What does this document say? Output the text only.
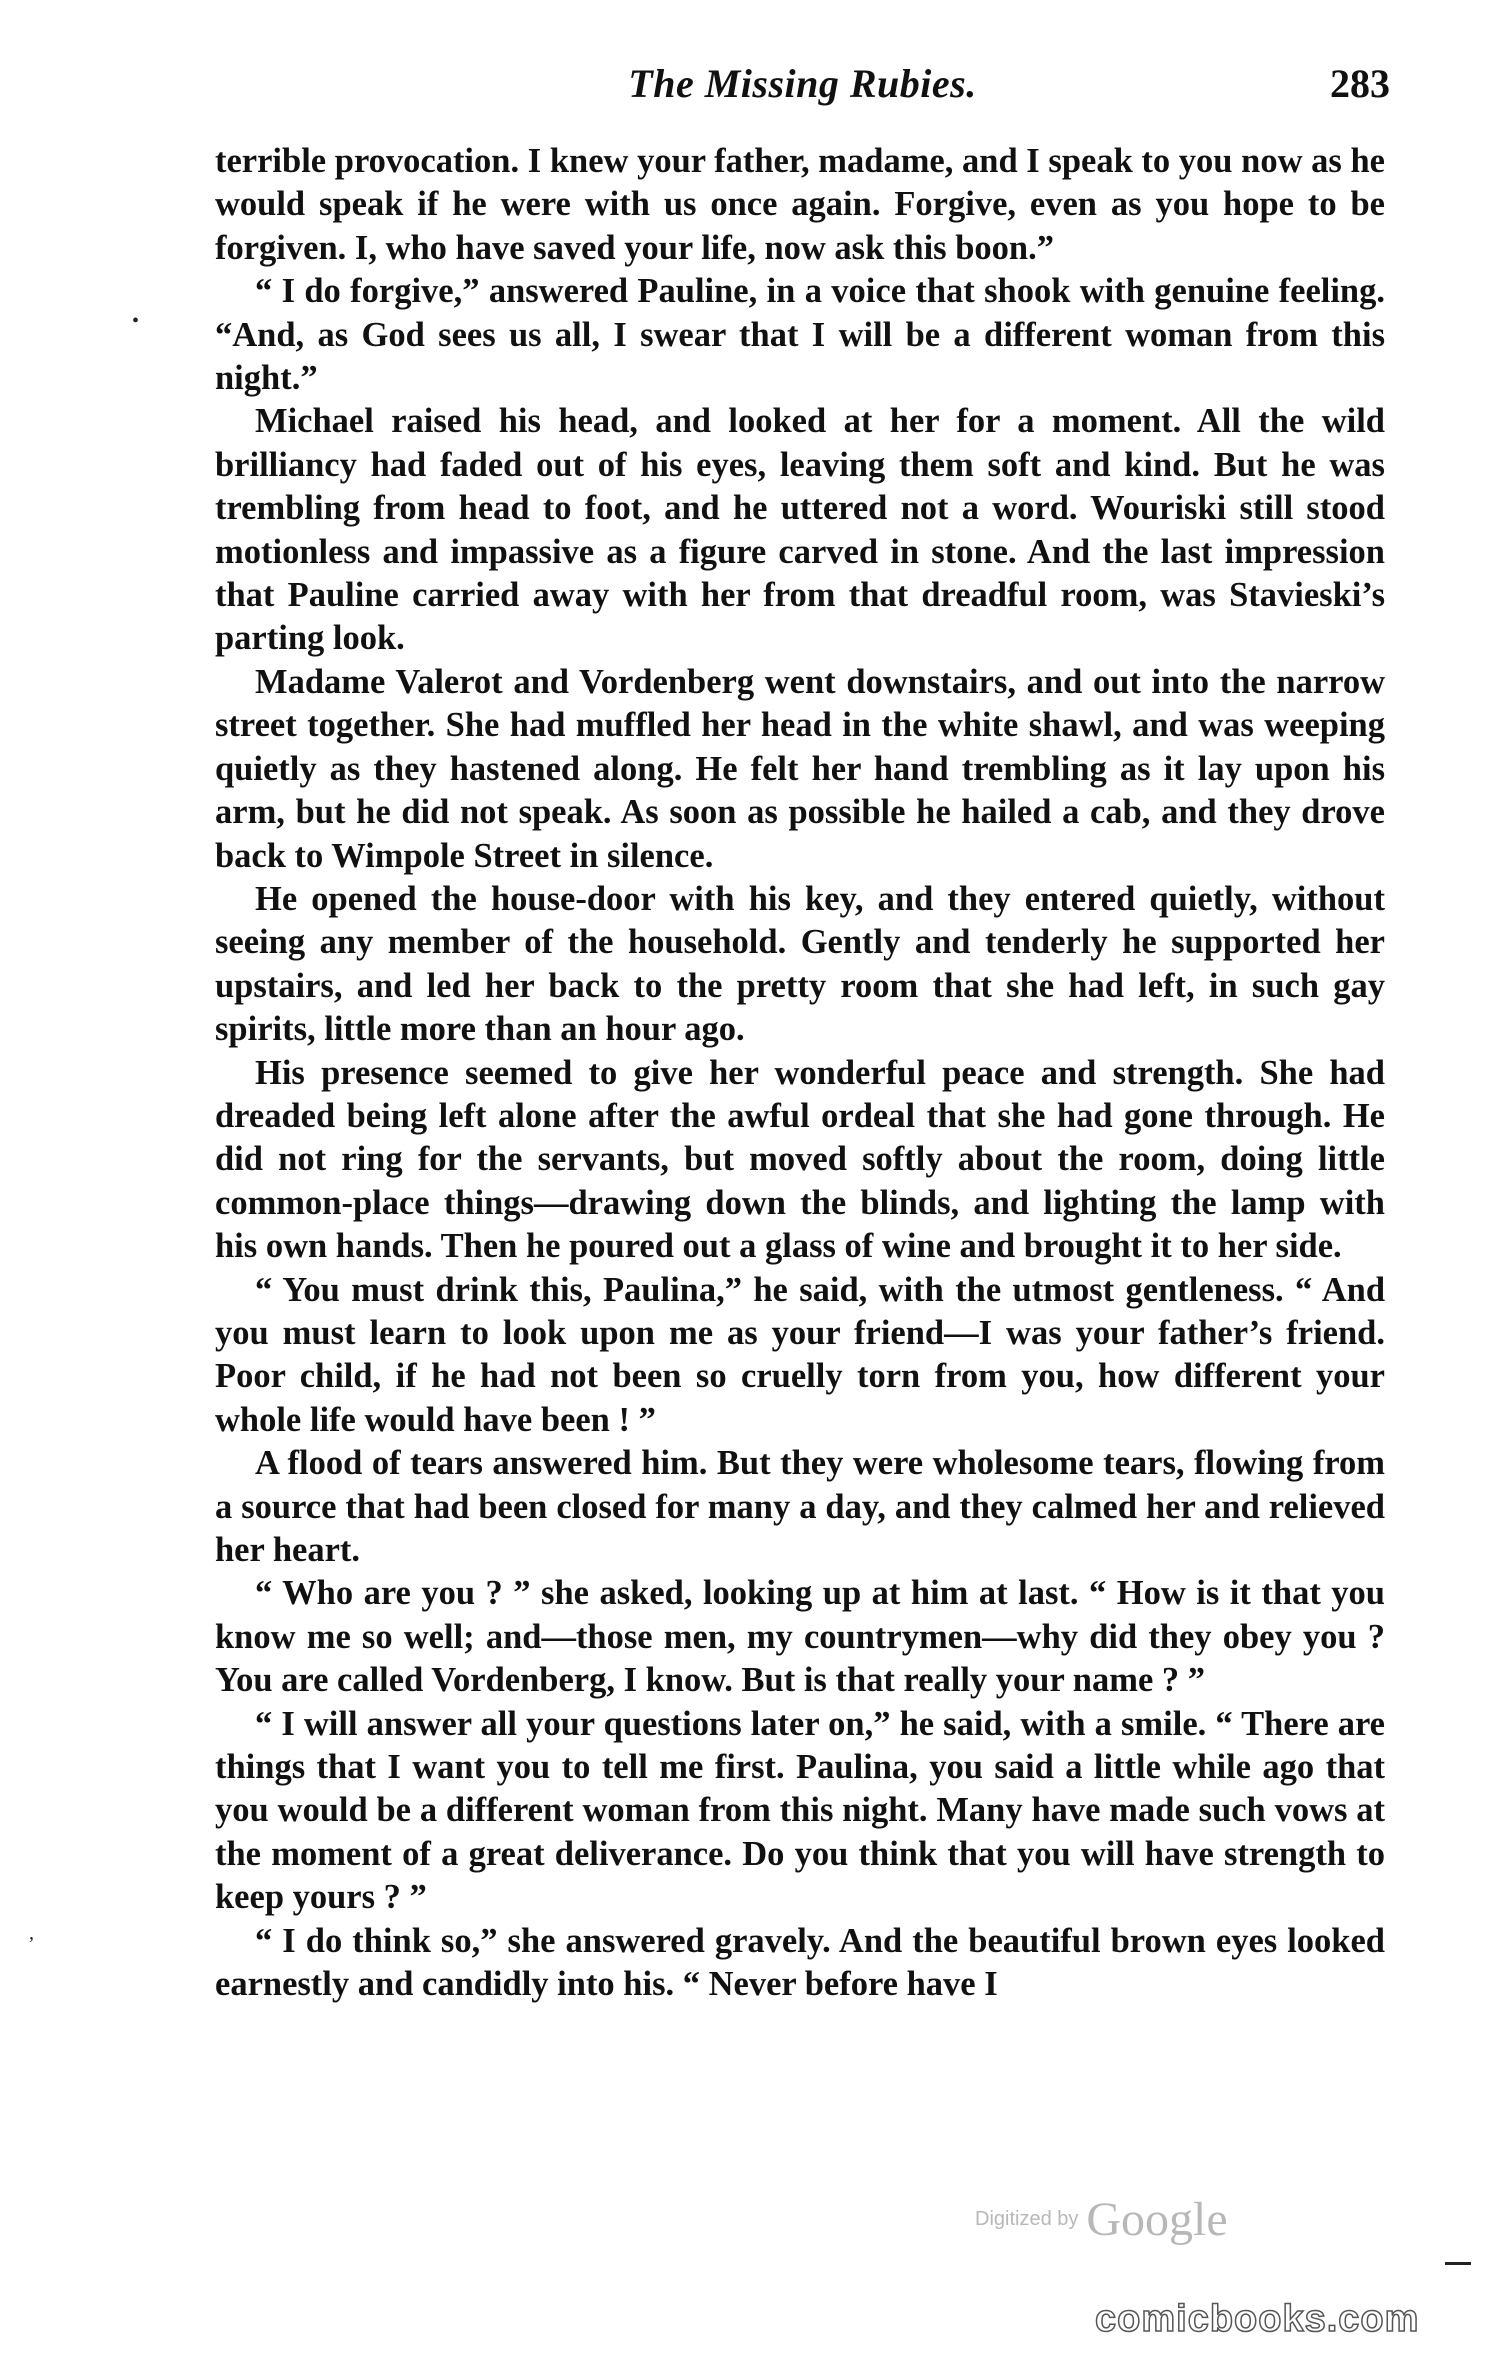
The Missing Rubies.	283

terrible provocation. I knew your father, madame, and I speak to you now as he would speak if he were with us once again. Forgive, even as you hope to be forgiven. I, who have saved your life, now ask this boon.”

“ I do forgive,” answered Pauline, in a voice that shook with genuine feeling. “And, as God sees us all, I swear that I will be a different woman from this night.”

Michael raised his head, and looked at her for a moment. All the wild brilliancy had faded out of his eyes, leaving them soft and kind. But he was trembling from head to foot, and he uttered not a word. Wouriski still stood motionless and impassive as a figure carved in stone. And the last impression that Pauline carried away with her from that dreadful room, was Stavieski’s parting look.

Madame Valerot and Vordenberg went downstairs, and out into the narrow street together. She had muffled her head in the white shawl, and was weeping quietly as they hastened along. He felt her hand trembling as it lay upon his arm, but he did not speak. As soon as possible he hailed a cab, and they drove back to Wimpole Street in silence.

He opened the house-door with his key, and they entered quietly, without seeing any member of the household. Gently and tenderly he supported her upstairs, and led her back to the pretty room that she had left, in such gay spirits, little more than an hour ago.

His presence seemed to give her wonderful peace and strength. She had dreaded being left alone after the awful ordeal that she had gone through. He did not ring for the servants, but moved softly about the room, doing little common-place things—drawing down the blinds, and lighting the lamp with his own hands. Then he poured out a glass of wine and brought it to her side.

“ You must drink this, Paulina,” he said, with the utmost gentleness. “ And you must learn to look upon me as your friend—I was your father’s friend. Poor child, if he had not been so cruelly torn from you, how different your whole life would have been ! ”

A flood of tears answered him. But they were wholesome tears, flowing from a source that had been closed for many a day, and they calmed her and relieved her heart.

“ Who are you ? ” she asked, looking up at him at last. “ How is it that you know me so well; and—those men, my countrymen—why did they obey you ? You are called Vordenberg, I know. But is that really your name ? ”

“ I will answer all your questions later on,” he said, with a smile. “ There are things that I want you to tell me first. Paulina, you said a little while ago that you would be a different woman from this night. Many have made such vows at the moment of a great deliverance. Do you think that you will have strength to keep yours ? ”

“ I do think so,” she answered gravely. And the beautiful brown eyes looked earnestly and candidly into his. “ Never before have I

•
‚
Digitized by Google
comicbooks.com
